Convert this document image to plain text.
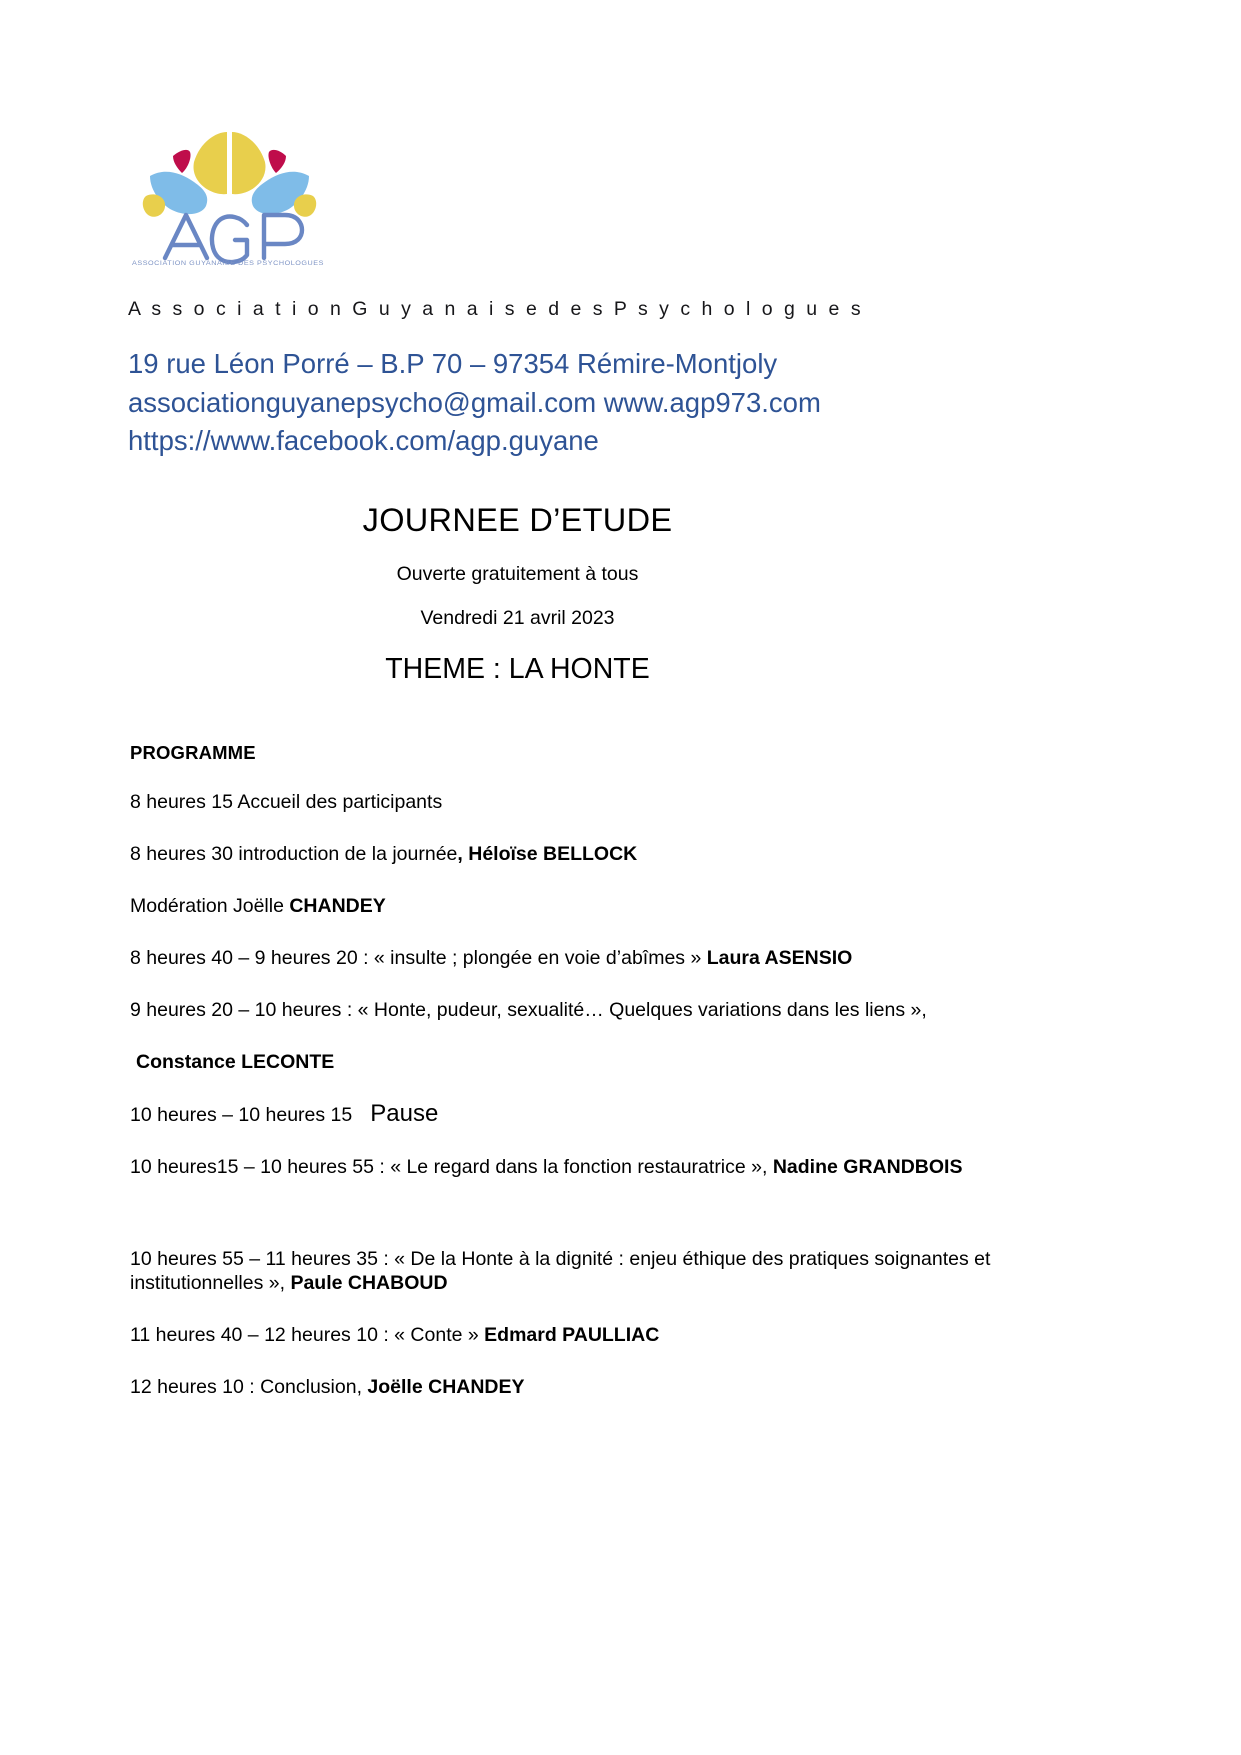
ASSOCIATION GUYANAISE DES PSYCHOLOGUES
A s s o c i a t i o n G u y a n a i s e d e s P s y c h o l o g u e s
19 rue Léon Porré – B.P 70 – 97354 Rémire-Montjoly
associationguyanepsycho@gmail.com www.agp973.com
https://www.facebook.com/agp.guyane
JOURNEE D’ETUDE
Ouverte gratuitement à tous
Vendredi 21 avril 2023
THEME : LA HONTE
PROGRAMME

8 heures 15 Accueil des participants

8 heures 30 introduction de la journée, Héloïse BELLOCK

Modération Joëlle CHANDEY

8 heures 40 – 9 heures 20 : « insulte ; plongée en voie d’abîmes » Laura ASENSIO

9 heures 20 – 10 heures : « Honte, pudeur, sexualité… Quelques variations dans les liens »,

Constance LECONTE

10 heures – 10 heures 15 Pause

10 heures15 – 10 heures 55 : « Le regard dans la fonction restauratrice », Nadine GRANDBOIS

10 heures 55 – 11 heures 35 : « De la Honte à la dignité : enjeu éthique des pratiques soignantes et institutionnelles », Paule CHABOUD

11 heures 40 – 12 heures 10 : « Conte » Edmard PAULLIAC

12 heures 10 : Conclusion, Joëlle CHANDEY
